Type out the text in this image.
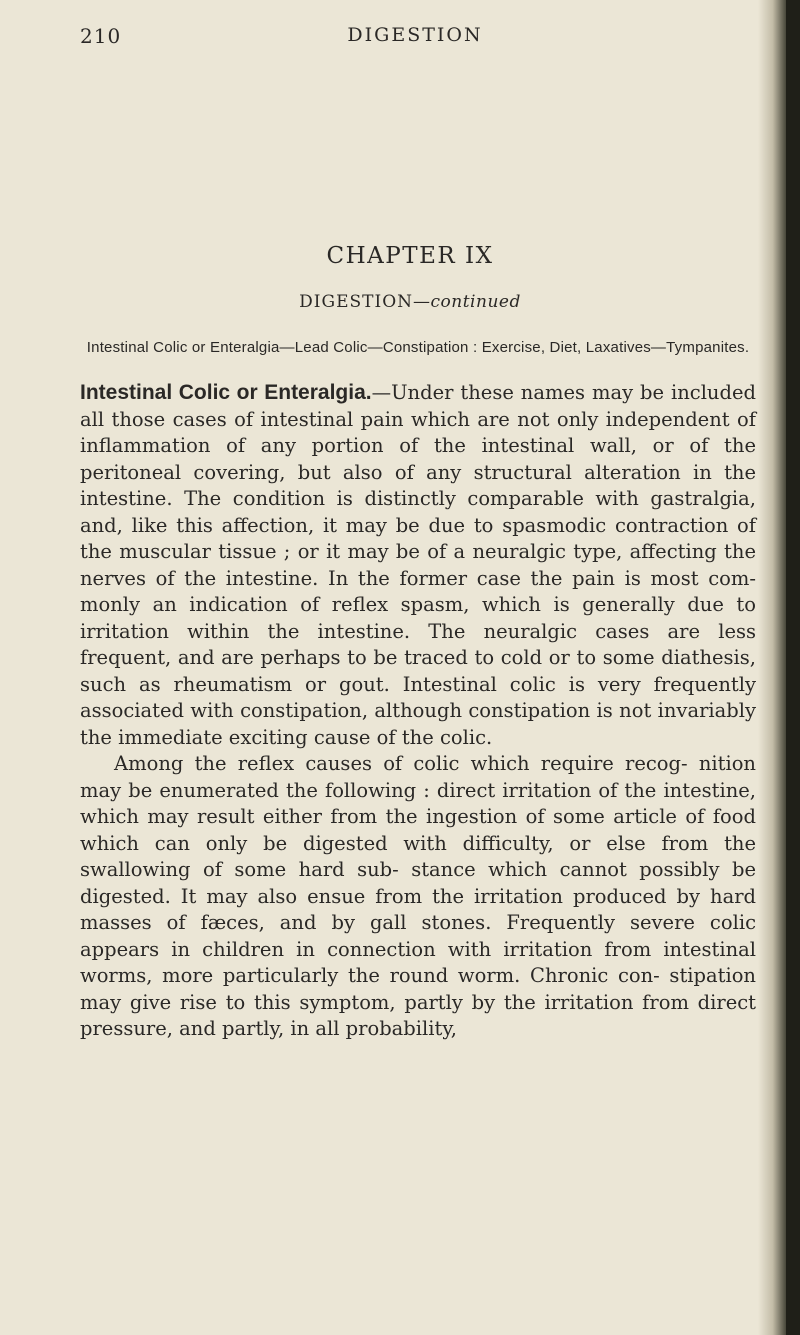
210	DIGESTION
CHAPTER IX
DIGESTION—continued
Intestinal Colic or Enteralgia—Lead Colic—Constipation : Exercise, Diet, Laxatives—Tympanites.

Intestinal Colic or Enteralgia.—Under these names may be included all those cases of intestinal pain which are not only independent of inflammation of any portion of the intestinal wall, or of the peritoneal covering, but also of any structural alteration in the intestine. The condition is distinctly comparable with gastralgia, and, like this affection, it may be due to spasmodic contraction of the muscular tissue ; or it may be of a neuralgic type, affecting the nerves of the intestine. In the former case the pain is most com- monly an indication of reflex spasm, which is generally due to irritation within the intestine. The neuralgic cases are less frequent, and are perhaps to be traced to cold or to some diathesis, such as rheumatism or gout. Intestinal colic is very frequently associated with constipation, although constipation is not invariably the immediate exciting cause of the colic.

Among the reflex causes of colic which require recog- nition may be enumerated the following : direct irritation of the intestine, which may result either from the ingestion of some article of food which can only be digested with difficulty, or else from the swallowing of some hard sub- stance which cannot possibly be digested. It may also ensue from the irritation produced by hard masses of fæces, and by gall stones. Frequently severe colic appears in children in connection with irritation from intestinal worms, more particularly the round worm. Chronic con- stipation may give rise to this symptom, partly by the irritation from direct pressure, and partly, in all probability,
